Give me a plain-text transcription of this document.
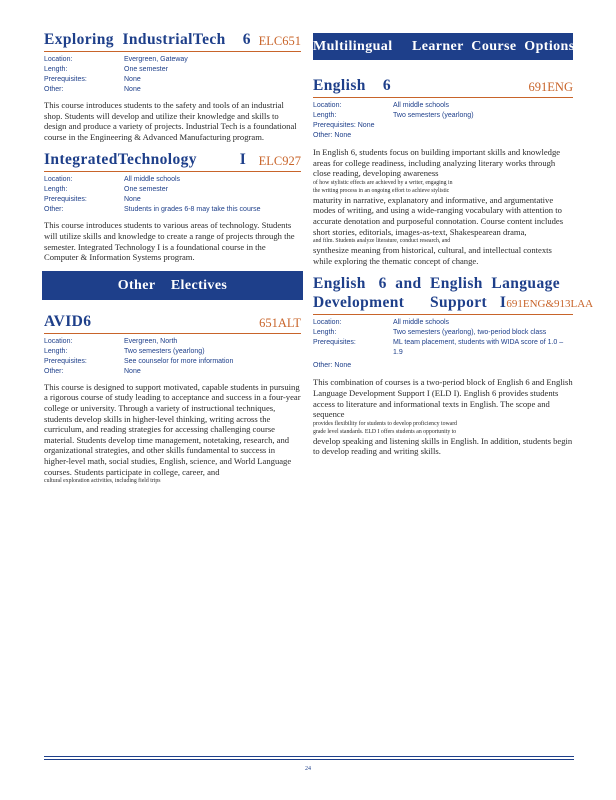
Exploring  IndustrialTech    6 ELC651
Location:	Evergreen, Gateway
Length:	One semester
Prerequisites:	None
Other:	None

This course introduces students to the safety and tools of an industrial shop. Students will develop and utilize their knowledge and skills to design and produce a variety of projects. Industrial Tech is a foundational course in the Engineering & Advanced Manufacturing program.

IntegratedTechnology          I ELC927
Location:	All middle schools
Length:	One semester
Prerequisites:	None
Other:	Students in grades 6-8 may take this course

This course introduces students to various areas of technology. Students will utilize skills and knowledge to create a range of projects through the semester. Integrated Technology I is a foundational course in the Computer & Information Systems program.

Other    Electives
AVID6	651ALT
Location:	Evergreen, North
Length:	Two semesters (yearlong)
Prerequisites:	See counselor for more information
Other:	None

This course is designed to support motivated, capable students in pursuing a rigorous course of study leading to acceptance and success in a four-year college or university. Through a variety of instructional techniques, students develop skills in higher-level thinking, writing across the curriculum, and reading strategies for accessing challenging course material. Students develop time management, notetaking, research, and organizational strategies, and other skills fundamental to success in higher-level math, social studies, English, science, and World Language courses. Students participate in college, career, and
cultural exploration activities, including field trips

Multilingual     Learner  Course  Options
English    6	691ENG
Location:	All middle schools
Length:	Two semesters (yearlong)
Prerequisites: None
Other: None

In English 6, students focus on building important skills and knowledge areas for college readiness, including analyzing literary works through close reading, developing awareness
of how stylistic effects are achieved by a writer, engaging in
the writing process in an ongoing effort to achieve stylistic
maturity in narrative, explanatory and informative, and argumentative modes of writing, and using a wide-ranging vocabulary with attention to accurate denotation and purposeful connotation. Course content includes short stories, editorials, images-as-text, Shakespearean drama,
and film. Students analyze literature, conduct research, and
synthesize meaning from historical, cultural, and intellectual contexts while exploring the thematic concept of change.

English   6  and  English  Language
Development      Support   I 691ENG&913LAA
Location:	All middle schools
Length:	Two semesters (yearlong), two-period block class
Prerequisites:	ML team placement, students with WIDA score of 1.0 – 1.9
Other: None

This combination of courses is a two-period block of English 6 and English Language Development Support I (ELD I). English 6 provides students access to literature and informational texts in English. The scope and sequence
provides flexibility for students to develop proficiency toward
grade level standards. ELD I offers students an opportunity to
develop speaking and listening skills in English. In addition, students begin to develop reading and writing skills.

24
